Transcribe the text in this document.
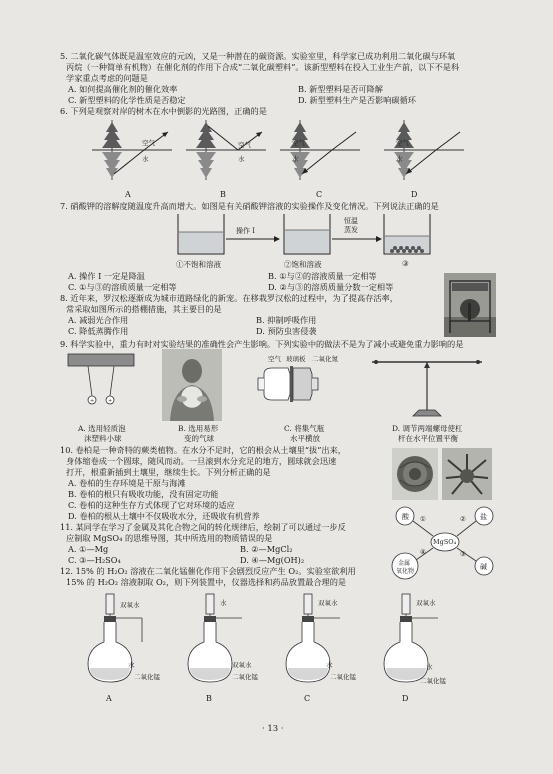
5. 二氧化碳气体既是温室效应的元凶，又是一种潜在的碳资源。实验室里，科学家已成功利用二氧化碳与环氧
丙烷（一种简单有机物）在催化剂的作用下合成“二氧化碳塑料”。该新型塑料在投入工业生产前，以下不是科
学家重点考虑的问题是
A. 如何提高催化剂的催化效率	B. 新型塑料是否可降解
C. 新型塑料的化学性质是否稳定	D. 新型塑料生产是否影响碳循环
6. 下列是观察对岸的树木在水中倒影的光路图，正确的是
空气
水
空气
水
空气
水
空气
水
A	B	C	D
7. 硝酸钾的溶解度随温度升高而增大。如图是有关硝酸钾溶液的实验操作及变化情况。下列说法正确的是
操作 I
恒温
蒸发
①不饱和溶液	②饱和溶液	③
A. 操作 I 一定是降温	B. ①与②的溶液质量一定相等
C. ①与③的溶质质量一定相等	D. ②与③的溶质质量分数一定相等
8. 近年来，罗汉松逐渐成为城市道路绿化的新宠。在移栽罗汉松的过程中，为了提高存活率，
常采取如图所示的搭棚措施，其主要目的是
A. 减弱光合作用	B. 抑制呼吸作用
C. 降低蒸腾作用	D. 预防虫害侵袭
9. 科学实验中，重力有时对实验结果的准确性会产生影响。下列实验中的做法不是为了减小或避免重力影响的是
+	+
空气 玻璃板 二氧化氮
A. 选用轻质泡
沫塑料小球
B. 选用易形
变的气球
C. 将集气瓶
水平横放
D. 调节两端螺母使杠
杆在水平位置平衡
10. 卷柏是一种奇特的蕨类植物。在水分不足时，它的根会从土壤里“拔”出来，
身体缩卷成一个圆球，随风而动。一旦滚到水分充足的地方，圆球就会迅速
打开，根重新插到土壤里，继续生长。下列分析正确的是
A. 卷柏的生存环境是干原与海滩
B. 卷柏的根只有吸收功能，没有固定功能
C. 卷柏的这种生存方式体现了它对环境的适应
D. 卷柏的根从土壤中不仅吸收水分，还吸收有机营养
11. 某同学在学习了金属及其化合物之间的转化规律后，绘制了可以通过一步反
应制取 MgSO₄ 的思维导图，其中所选用的物质错误的是
A. ①—Mg	B. ②—MgCl₂
C. ③—H₂SO₄	D. ④—Mg(OH)₂
酸	盐
MgSO₄
金属
氧化物
碱
①	②
③
④
12. 15% 的 H₂O₂ 溶液在二氧化锰催化作用下会剧烈反应产生 O₂。实验室欲利用
15% 的 H₂O₂ 溶液制取 O₂，则下列装置中，仪器选择和药品放置最合理的是
双氧水
水
二氧化锰
水
双氧水
二氧化锰
双氧水
水
二氧化锰
双氧水
水
二氧化锰
A	B	C	D
· 13 ·
